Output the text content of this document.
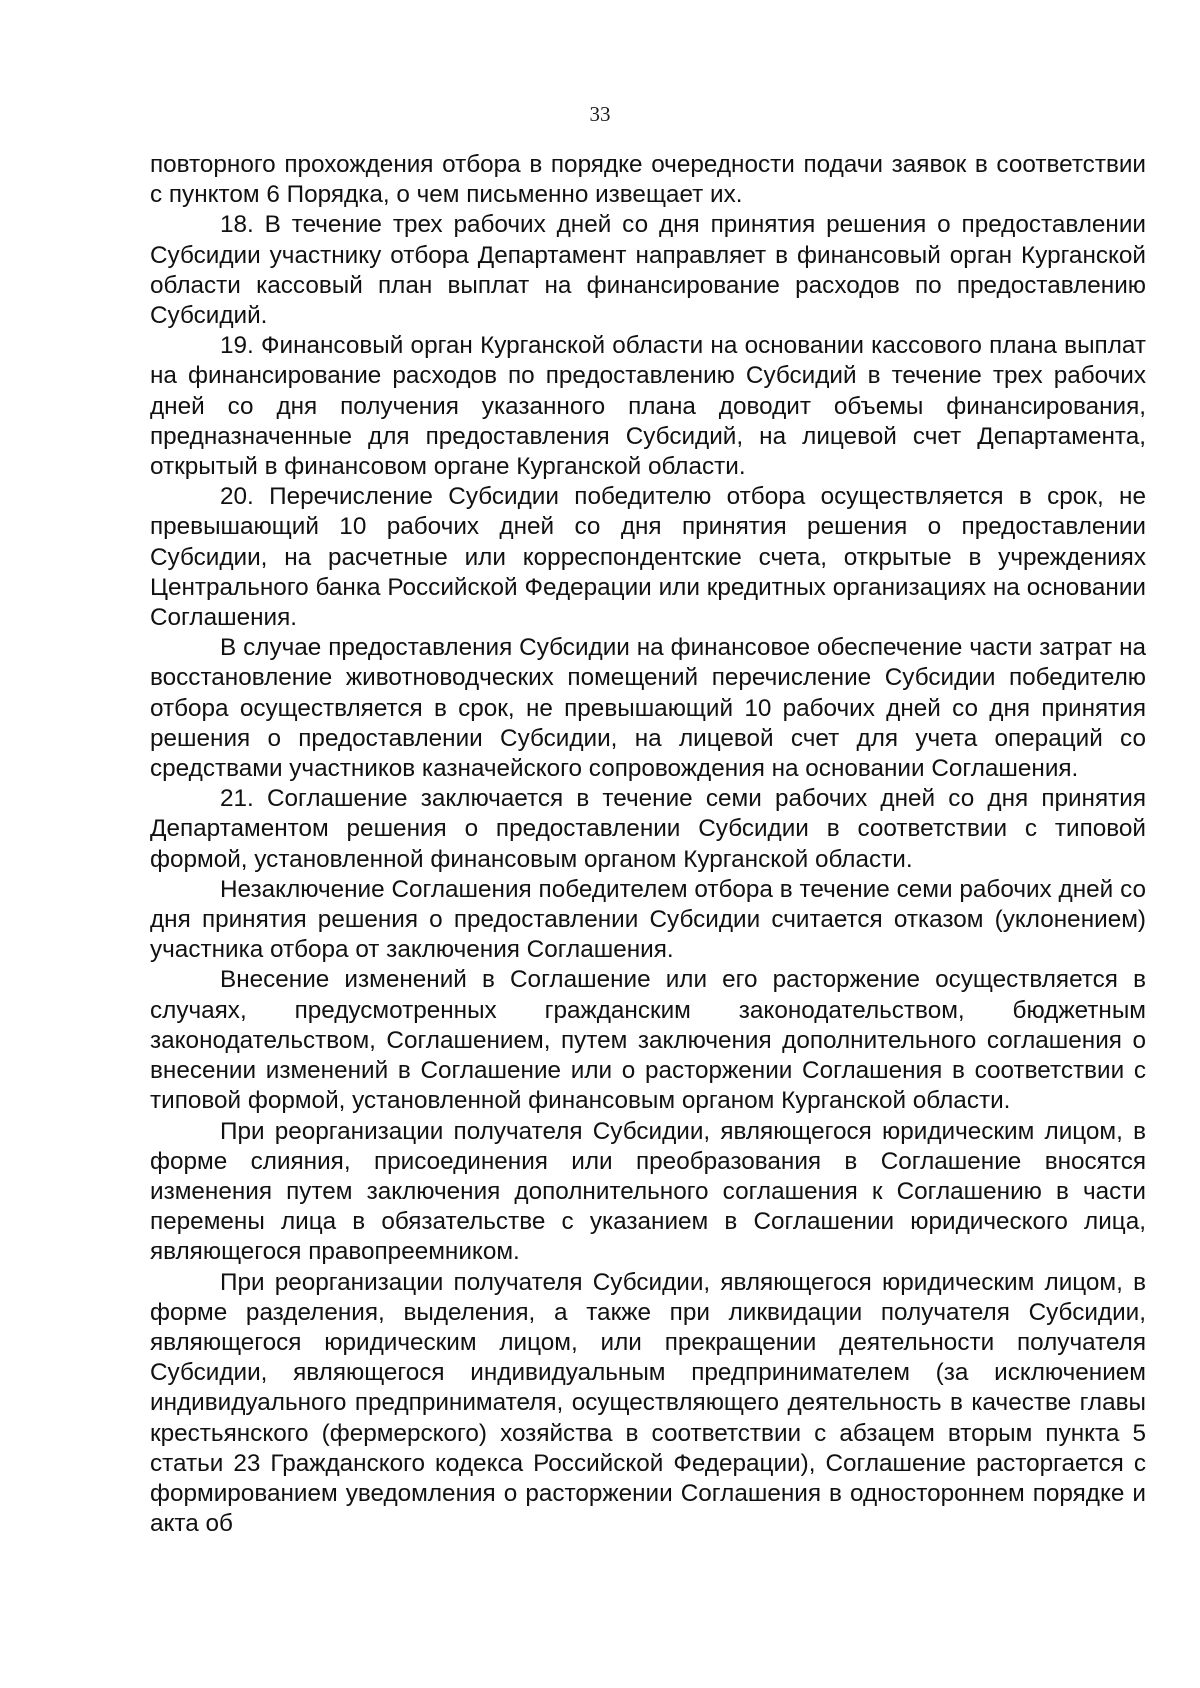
33

повторного прохождения отбора в порядке очередности подачи заявок в соответствии с пунктом 6 Порядка, о чем письменно извещает их.

18. В течение трех рабочих дней со дня принятия решения о предоставлении Субсидии участнику отбора Департамент направляет в финансовый орган Курганской области кассовый план выплат на финансирование расходов по предоставлению Субсидий.

19. Финансовый орган Курганской области на основании кассового плана выплат на финансирование расходов по предоставлению Субсидий в течение трех рабочих дней со дня получения указанного плана доводит объемы финансирования, предназначенные для предоставления Субсидий, на лицевой счет Департамента, открытый в финансовом органе Курганской области.

20. Перечисление Субсидии победителю отбора осуществляется в срок, не превышающий 10 рабочих дней со дня принятия решения о предоставлении Субсидии, на расчетные или корреспондентские счета, открытые в учреждениях Центрального банка Российской Федерации или кредитных организациях на основании Соглашения.

В случае предоставления Субсидии на финансовое обеспечение части затрат на восстановление животноводческих помещений перечисление Субсидии победителю отбора осуществляется в срок, не превышающий 10 рабочих дней со дня принятия решения о предоставлении Субсидии, на лицевой счет для учета операций со средствами участников казначейского сопровождения на основании Соглашения.

21. Соглашение заключается в течение семи рабочих дней со дня принятия Департаментом решения о предоставлении Субсидии в соответствии с типовой формой, установленной финансовым органом Курганской области.

Незаключение Соглашения победителем отбора в течение семи рабочих дней со дня принятия решения о предоставлении Субсидии считается отказом (уклонением) участника отбора от заключения Соглашения.

Внесение изменений в Соглашение или его расторжение осуществляется в случаях, предусмотренных гражданским законодательством, бюджетным законодательством, Соглашением, путем заключения дополнительного соглашения о внесении изменений в Соглашение или о расторжении Соглашения в соответствии с типовой формой, установленной финансовым органом Курганской области.

При реорганизации получателя Субсидии, являющегося юридическим лицом, в форме слияния, присоединения или преобразования в Соглашение вносятся изменения путем заключения дополнительного соглашения к Соглашению в части перемены лица в обязательстве с указанием в Соглашении юридического лица, являющегося правопреемником.

При реорганизации получателя Субсидии, являющегося юридическим лицом, в форме разделения, выделения, а также при ликвидации получателя Субсидии, являющегося юридическим лицом, или прекращении деятельности получателя Субсидии, являющегося индивидуальным предпринимателем (за исключением индивидуального предпринимателя, осуществляющего деятельность в качестве главы крестьянского (фермерского) хозяйства в соответствии с абзацем вторым пункта 5 статьи 23 Гражданского кодекса Российской Федерации), Соглашение расторгается с формированием уведомления о расторжении Соглашения в одностороннем порядке и акта об
